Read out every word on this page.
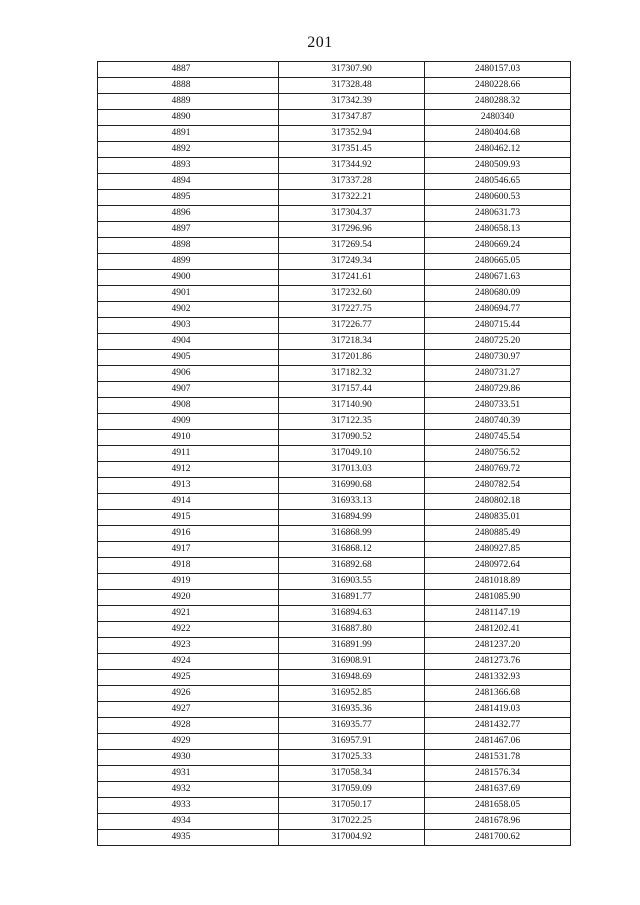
201
4887	317307.90	2480157.03
4888	317328.48	2480228.66
4889	317342.39	2480288.32
4890	317347.87	2480340
4891	317352.94	2480404.68
4892	317351.45	2480462.12
4893	317344.92	2480509.93
4894	317337.28	2480546.65
4895	317322.21	2480600.53
4896	317304.37	2480631.73
4897	317296.96	2480658.13
4898	317269.54	2480669.24
4899	317249.34	2480665.05
4900	317241.61	2480671.63
4901	317232.60	2480680.09
4902	317227.75	2480694.77
4903	317226.77	2480715.44
4904	317218.34	2480725.20
4905	317201.86	2480730.97
4906	317182.32	2480731.27
4907	317157.44	2480729.86
4908	317140.90	2480733.51
4909	317122.35	2480740.39
4910	317090.52	2480745.54
4911	317049.10	2480756.52
4912	317013.03	2480769.72
4913	316990.68	2480782.54
4914	316933.13	2480802.18
4915	316894.99	2480835.01
4916	316868.99	2480885.49
4917	316868.12	2480927.85
4918	316892.68	2480972.64
4919	316903.55	2481018.89
4920	316891.77	2481085.90
4921	316894.63	2481147.19
4922	316887.80	2481202.41
4923	316891.99	2481237.20
4924	316908.91	2481273.76
4925	316948.69	2481332.93
4926	316952.85	2481366.68
4927	316935.36	2481419.03
4928	316935.77	2481432.77
4929	316957.91	2481467.06
4930	317025.33	2481531.78
4931	317058.34	2481576.34
4932	317059.09	2481637.69
4933	317050.17	2481658.05
4934	317022.25	2481678.96
4935	317004.92	2481700.62
